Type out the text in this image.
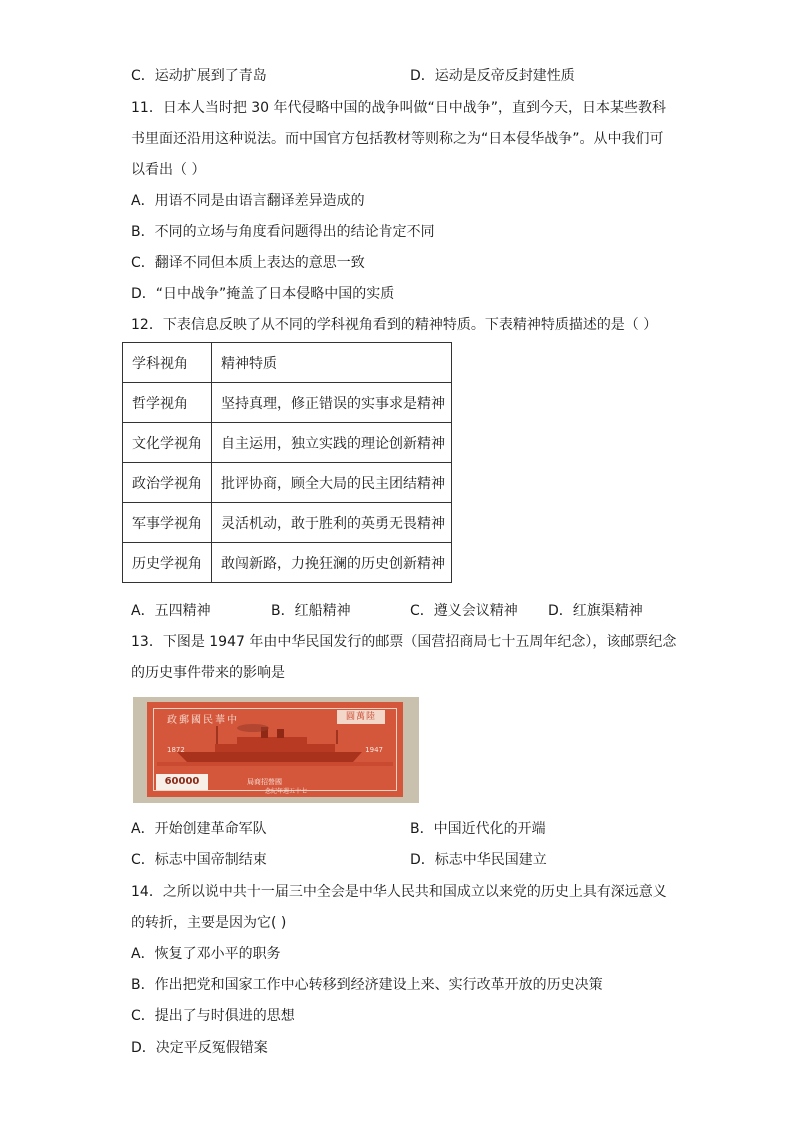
C．运动扩展到了青岛	D．运动是反帝反封建性质
11．日本人当时把 30 年代侵略中国的战争叫做“日中战争”，直到今天，日本某些教科
书里面还沿用这种说法。而中国官方包括教材等则称之为“日本侵华战争”。从中我们可
以看出（ ）
A．用语不同是由语言翻译差异造成的
B．不同的立场与角度看问题得出的结论肯定不同
C．翻译不同但本质上表达的意思一致
D．“日中战争”掩盖了日本侵略中国的实质
12．下表信息反映了从不同的学科视角看到的精神特质。下表精神特质描述的是（ ）
学科视角	精神特质
哲学视角	坚持真理，修正错误的实事求是精神
文化学视角	自主运用，独立实践的理论创新精神
政治学视角	批评协商，顾全大局的民主团结精神
军事学视角	灵活机动，敢于胜利的英勇无畏精神
历史学视角	敢闯新路，力挽狂澜的历史创新精神
A．五四精神	B．红船精神	C．遵义会议精神 D．红旗渠精神
13．下图是 1947 年由中华民国发行的邮票（国营招商局七十五周年纪念），该邮票纪念
的历史事件带来的影响是
政郵國民華中	圓萬陸
1872	1947
60000	局商招營國
念紀年週五十七
A．开始创建革命军队	B．中国近代化的开端
C．标志中国帝制结束	D．标志中华民国建立
14．之所以说中共十一届三中全会是中华人民共和国成立以来党的历史上具有深远意义
的转折，主要是因为它( )
A．恢复了邓小平的职务
B．作出把党和国家工作中心转移到经济建设上来、实行改革开放的历史决策
C．提出了与时俱进的思想
D．决定平反冤假错案
